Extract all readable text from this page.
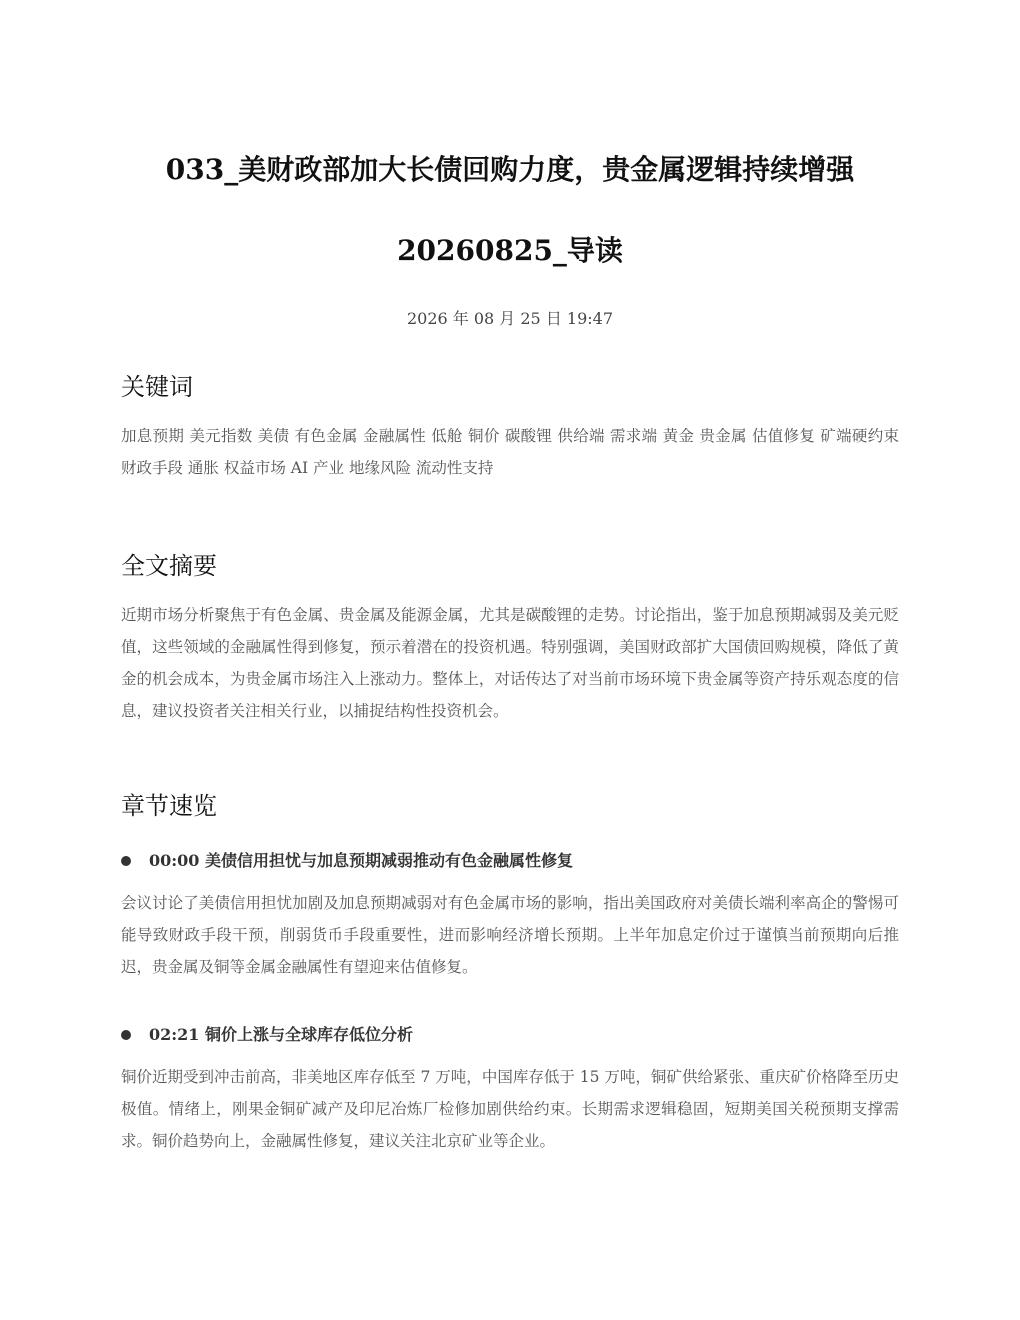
033_美财政部加大长债回购力度，贵金属逻辑持续增强
20260825_导读
2026 年 08 月 25 日 19:47
关键词

加息预期 美元指数 美债 有色金属 金融属性 低舱 铜价 碳酸锂 供给端 需求端 黄金 贵金属 估值修复 矿端硬约束 财政手段 通胀 权益市场 AI 产业 地缘风险 流动性支持

全文摘要

近期市场分析聚焦于有色金属、贵金属及能源金属，尤其是碳酸锂的走势。讨论指出，鉴于加息预期减弱及美元贬值，这些领域的金融属性得到修复，预示着潜在的投资机遇。特别强调，美国财政部扩大国债回购规模，降低了黄金的机会成本，为贵金属市场注入上涨动力。整体上，对话传达了对当前市场环境下贵金属等资产持乐观态度的信息，建议投资者关注相关行业，以捕捉结构性投资机会。

章节速览
00:00 美债信用担忧与加息预期减弱推动有色金融属性修复

会议讨论了美债信用担忧加剧及加息预期减弱对有色金属市场的影响，指出美国政府对美债长端利率高企的警惕可能导致财政手段干预，削弱货币手段重要性，进而影响经济增长预期。上半年加息定价过于谨慎当前预期向后推迟，贵金属及铜等金属金融属性有望迎来估值修复。

02:21 铜价上涨与全球库存低位分析

铜价近期受到冲击前高，非美地区库存低至 7 万吨，中国库存低于 15 万吨，铜矿供给紧张、重庆矿价格降至历史极值。情绪上，刚果金铜矿减产及印尼冶炼厂检修加剧供给约束。长期需求逻辑稳固，短期美国关税预期支撑需求。铜价趋势向上，金融属性修复，建议关注北京矿业等企业。
